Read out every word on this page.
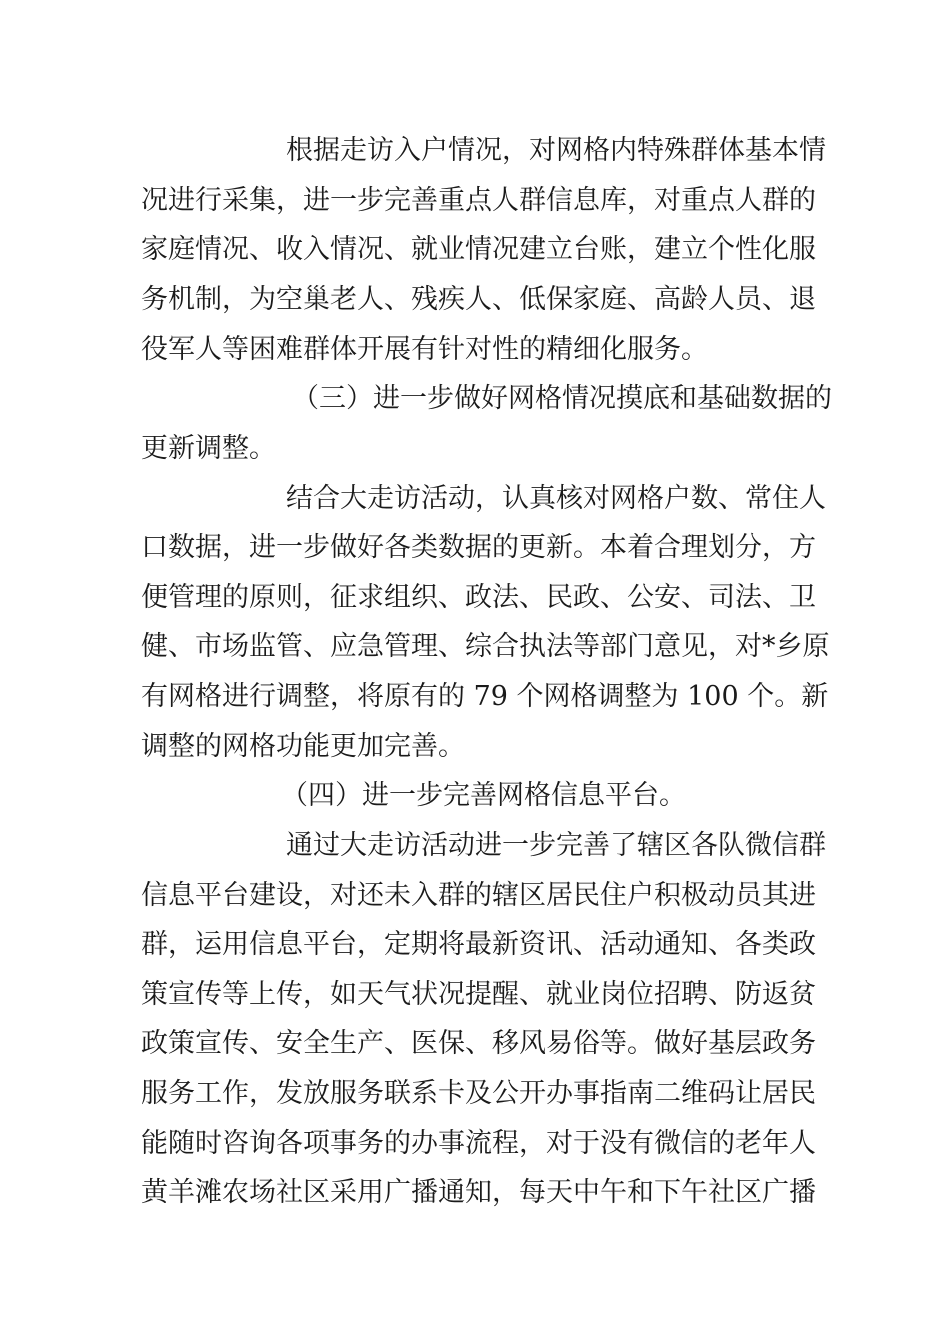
根据走访入户情况，对网格内特殊群体基本情
况进行采集，进一步完善重点人群信息库，对重点人群的
家庭情况、收入情况、就业情况建立台账，建立个性化服
务机制，为空巢老人、残疾人、低保家庭、高龄人员、退
役军人等困难群体开展有针对性的精细化服务。
（三）进一步做好网格情况摸底和基础数据的
更新调整。
结合大走访活动，认真核对网格户数、常住人
口数据，进一步做好各类数据的更新。本着合理划分，方
便管理的原则，征求组织、政法、民政、公安、司法、卫
健、市场监管、应急管理、综合执法等部门意见，对*乡原
有网格进行调整，将原有的 79 个网格调整为 100 个。新
调整的网格功能更加完善。
（四）进一步完善网格信息平台。
通过大走访活动进一步完善了辖区各队微信群
信息平台建设，对还未入群的辖区居民住户积极动员其进
群，运用信息平台，定期将最新资讯、活动通知、各类政
策宣传等上传，如天气状况提醒、就业岗位招聘、防返贫
政策宣传、安全生产、医保、移风易俗等。做好基层政务
服务工作，发放服务联系卡及公开办事指南二维码让居民
能随时咨询各项事务的办事流程，对于没有微信的老年人
黄羊滩农场社区采用广播通知，每天中午和下午社区广播
